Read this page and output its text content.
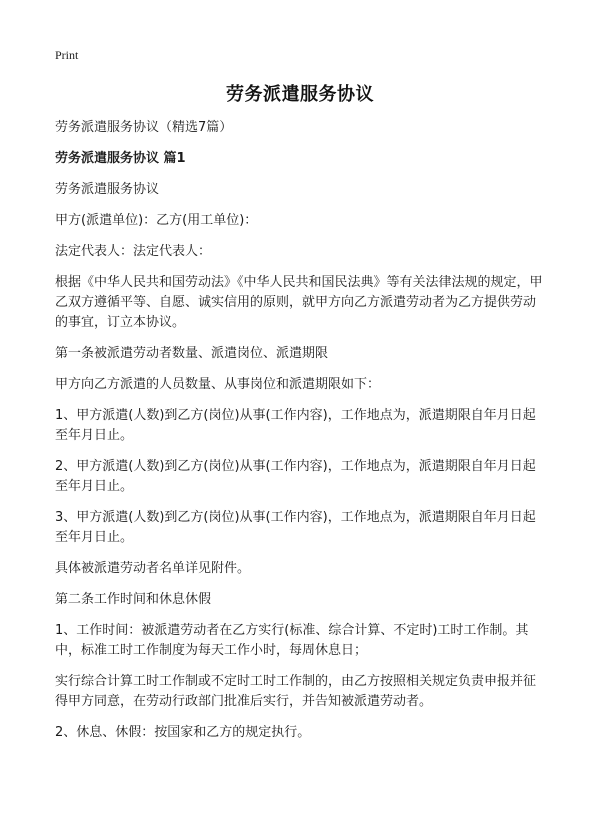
Print
劳务派遣服务协议

劳务派遣服务协议（精选7篇）

劳务派遣服务协议 篇1

劳务派遣服务协议

甲方(派遣单位)：乙方(用工单位)：

法定代表人：法定代表人：

根据《中华人民共和国劳动法》《中华人民共和国民法典》等有关法律法规的规定，甲乙双方遵循平等、自愿、诚实信用的原则，就甲方向乙方派遣劳动者为乙方提供劳动的事宜，订立本协议。

第一条被派遣劳动者数量、派遣岗位、派遣期限

甲方向乙方派遣的人员数量、从事岗位和派遣期限如下：

1、甲方派遣(人数)到乙方(岗位)从事(工作内容)，工作地点为，派遣期限自年月日起至年月日止。

2、甲方派遣(人数)到乙方(岗位)从事(工作内容)，工作地点为，派遣期限自年月日起至年月日止。

3、甲方派遣(人数)到乙方(岗位)从事(工作内容)，工作地点为，派遣期限自年月日起至年月日止。

具体被派遣劳动者名单详见附件。

第二条工作时间和休息休假

1、工作时间：被派遣劳动者在乙方实行(标准、综合计算、不定时)工时工作制。其中，标准工时工作制度为每天工作小时，每周休息日；

实行综合计算工时工作制或不定时工时工作制的，由乙方按照相关规定负责申报并征得甲方同意，在劳动行政部门批准后实行，并告知被派遣劳动者。

2、休息、休假：按国家和乙方的规定执行。
